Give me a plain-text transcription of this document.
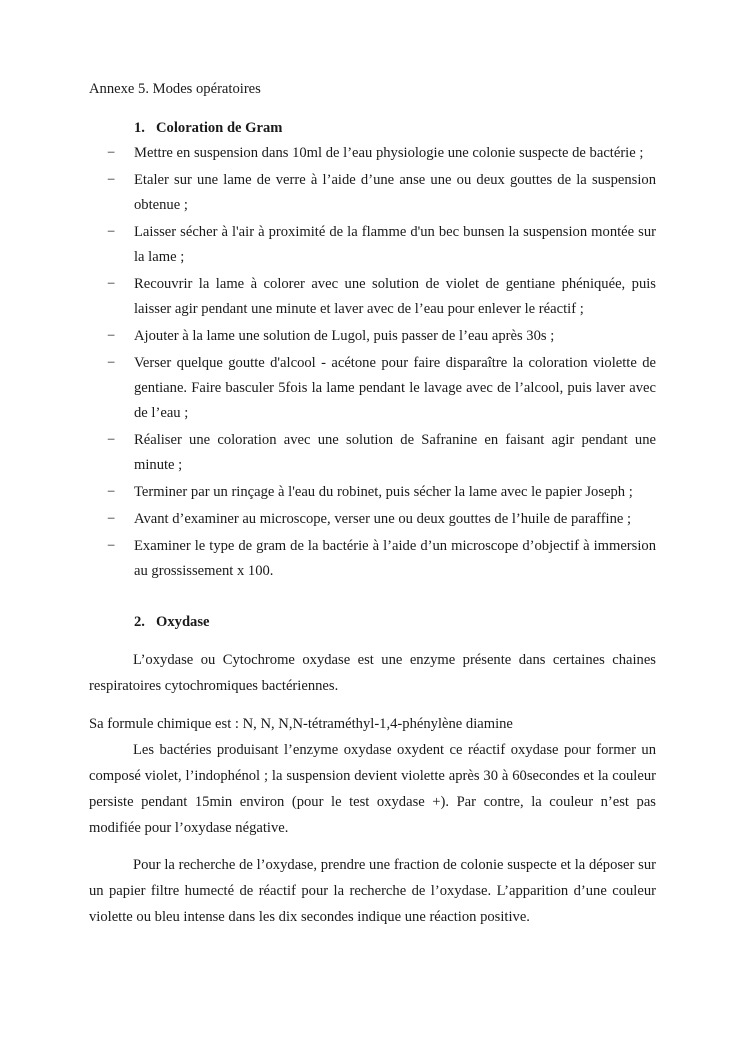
Annexe 5. Modes opératoires
1. Coloration de Gram
−	Mettre en suspension dans 10ml de l’eau physiologie une colonie suspecte de bactérie ;
−	Etaler sur une lame de verre à l’aide d’une anse une ou deux gouttes de la suspension obtenue ;
−	Laisser sécher à l'air à proximité de la flamme d'un bec bunsen la suspension montée sur la lame ;
−	Recouvrir la lame à colorer avec une solution de violet de gentiane phéniquée, puis laisser agir pendant une minute et laver avec de l’eau pour enlever le réactif ;
−	Ajouter à la lame une solution de Lugol, puis passer de l’eau après 30s ;
−	Verser quelque goutte d'alcool - acétone pour faire disparaître la coloration violette de gentiane. Faire basculer 5fois la lame pendant le lavage avec de l’alcool, puis laver avec de l’eau ;
−	Réaliser une coloration avec une solution de Safranine en faisant agir pendant une minute ;
−	Terminer par un rinçage à l'eau du robinet, puis sécher la lame avec le papier Joseph ;
−	Avant d’examiner au microscope, verser une ou deux gouttes de l’huile de paraffine ;
−	Examiner le type de gram de la bactérie à l’aide d’un microscope d’objectif à immersion au grossissement x 100.
2. Oxydase

L’oxydase ou Cytochrome oxydase est une enzyme présente dans certaines chaines respiratoires cytochromiques bactériennes.

Sa formule chimique est : N, N, N,N-tétraméthyl-1,4-phénylène diamine

Les bactéries produisant l’enzyme oxydase oxydent ce réactif oxydase pour former un composé violet, l’indophénol ; la suspension devient violette après 30 à 60secondes et la couleur persiste pendant 15min environ (pour le test oxydase +). Par contre, la couleur n’est pas modifiée pour l’oxydase négative.

Pour la recherche de l’oxydase, prendre une fraction de colonie suspecte et la déposer sur un papier filtre humecté de réactif pour la recherche de l’oxydase. L’apparition d’une couleur violette ou bleu intense dans les dix secondes indique une réaction positive.
